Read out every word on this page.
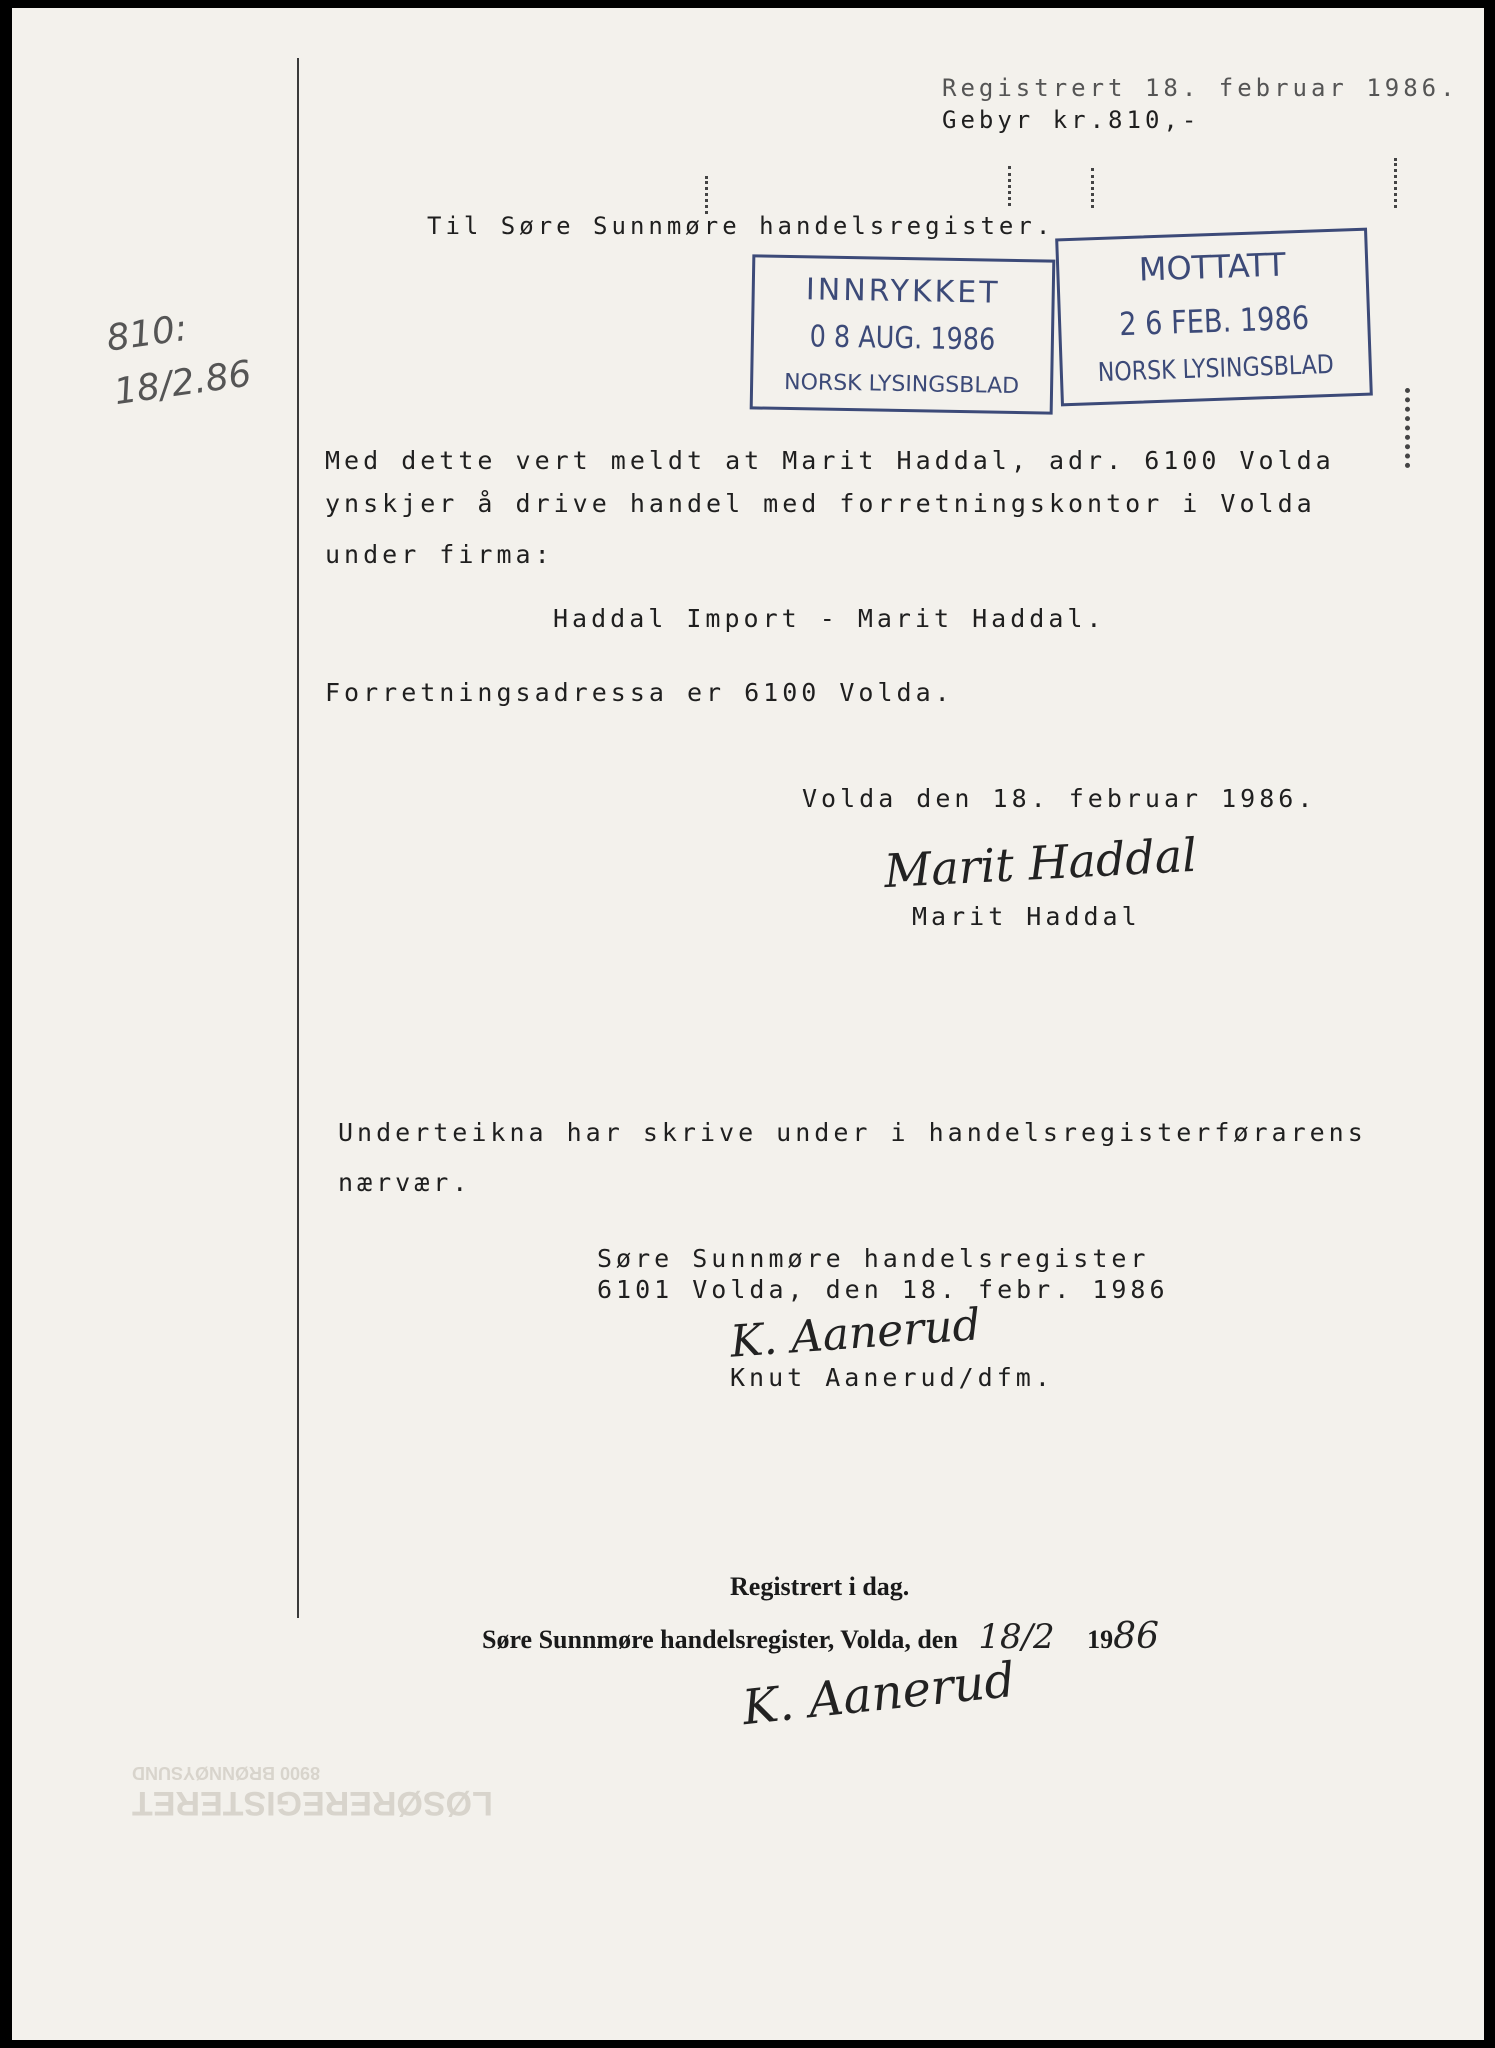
Registrert 18. februar 1986.
Gebyr kr.810,-
Til Søre Sunnmøre handelsregister.
810:
18/2.86
INNRYKKET
0 8 AUG. 1986
NORSK LYSINGSBLAD
MOTTATT
2 6 FEB. 1986
NORSK LYSINGSBLAD
Med dette vert meldt at Marit Haddal, adr. 6100 Volda
ynskjer å drive handel med forretningskontor i Volda
under firma:
Haddal Import - Marit Haddal.
Forretningsadressa er 6100 Volda.
Volda den 18. februar 1986.
Marit Haddal
Marit Haddal
Underteikna har skrive under i handelsregisterførarens
nærvær.
Søre Sunnmøre handelsregister
6101 Volda, den 18. febr. 1986
K. Aanerud
Knut Aanerud/dfm.
Registrert i dag.
Søre Sunnmøre handelsregister, Volda, den 18/2 1986
K. Aanerud
LØSØREREGISTERET
8900 BRØNNØYSUND
